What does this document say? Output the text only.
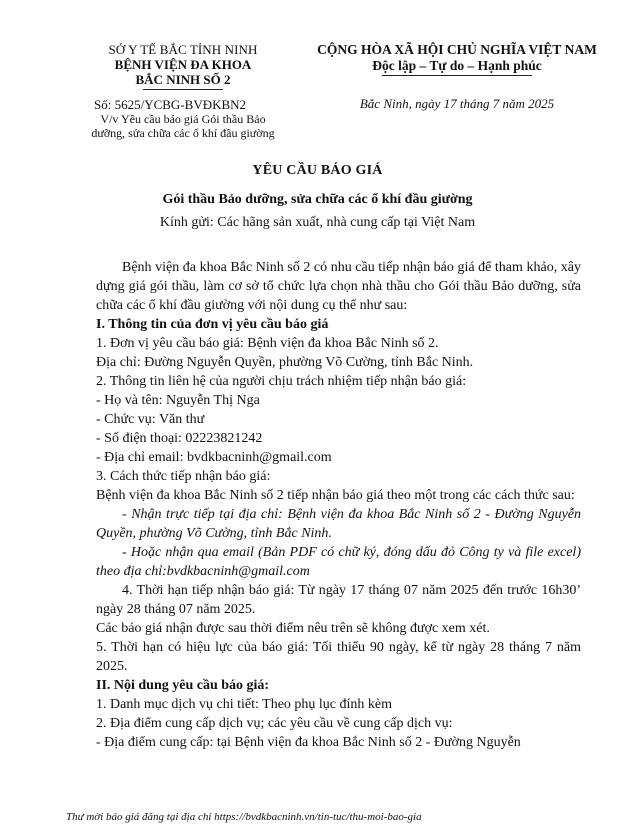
SỞ Y TẾ BẮC TỈNH NINH
BỆNH VIỆN ĐA KHOA
BẮC NINH SỐ 2
Số: 5625/YCBG-BVĐKBN2
V/v Yêu cầu báo giá Gói thầu Bảo
dưỡng, sửa chữa các ổ khí đầu giường
CỘNG HÒA XÃ HỘI CHỦ NGHĨA VIỆT NAM
Độc lập – Tự do – Hạnh phúc
Bắc Ninh, ngày 17 tháng 7 năm 2025
YÊU CẦU BÁO GIÁ
Gói thầu Bảo dưỡng, sửa chữa các ổ khí đầu giường
Kính gửi: Các hãng sản xuất, nhà cung cấp tại Việt Nam

Bệnh viện đa khoa Bắc Ninh số 2 có nhu cầu tiếp nhận báo giá để tham khảo, xây dựng giá gói thầu, làm cơ sở tổ chức lựa chọn nhà thầu cho Gói thầu Bảo dưỡng, sửa chữa các ổ khí đầu giường với nội dung cụ thể như sau:

I. Thông tin của đơn vị yêu cầu báo giá

1. Đơn vị yêu cầu báo giá: Bệnh viện đa khoa Bắc Ninh số 2.

Địa chỉ: Đường Nguyễn Quyền, phường Võ Cường, tỉnh Bắc Ninh.

2. Thông tin liên hệ của người chịu trách nhiệm tiếp nhận báo giá:

- Họ và tên: Nguyễn Thị Nga

- Chức vụ: Văn thư

- Số điện thoại: 02223821242

- Địa chỉ email: bvdkbacninh@gmail.com

3. Cách thức tiếp nhận báo giá:

Bệnh viện đa khoa Bắc Ninh số 2 tiếp nhận báo giá theo một trong các cách thức sau:

- Nhận trực tiếp tại địa chỉ: Bệnh viện đa khoa Bắc Ninh số 2 - Đường Nguyễn Quyền, phường Võ Cường, tỉnh Bắc Ninh.

- Hoặc nhận qua email (Bản PDF có chữ ký, đóng dấu đỏ Công ty và file excel) theo địa chỉ:bvdkbacninh@gmail.com

4. Thời hạn tiếp nhận báo giá: Từ ngày 17 tháng 07 năm 2025 đến trước 16h30’ ngày 28 tháng 07 năm 2025.

Các báo giá nhận được sau thời điểm nêu trên sẽ không được xem xét.

5. Thời hạn có hiệu lực của báo giá: Tối thiểu 90 ngày, kể từ ngày 28 tháng 7 năm 2025.

II. Nội dung yêu cầu báo giá:

1. Danh mục dịch vụ chi tiết: Theo phụ lục đính kèm

2. Địa điểm cung cấp dịch vụ; các yêu cầu về cung cấp dịch vụ:

- Địa điểm cung cấp: tại Bệnh viện đa khoa Bắc Ninh số 2 - Đường Nguyễn

Thư mời báo giá đăng tại địa chỉ https://bvdkbacninh.vn/tin-tuc/thu-moi-bao-gia
